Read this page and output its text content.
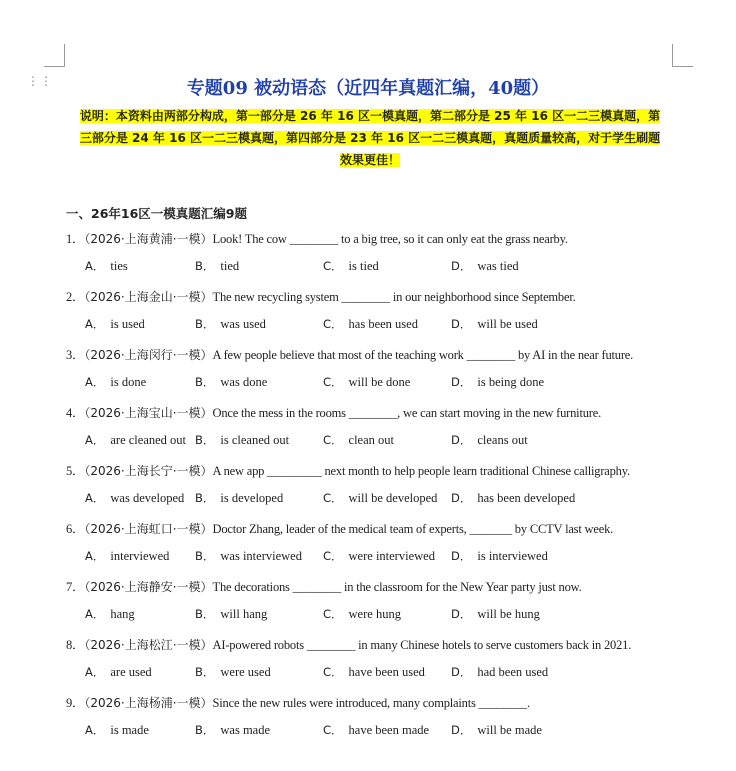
⋮⋮	专题09 被动语态（近四年真题汇编，40题）
说明：本资料由两部分构成，第一部分是 26 年 16 区一模真题，第二部分是 25 年 16 区一二三模真题，第
三部分是 24 年 16 区一二三模真题，第四部分是 23 年 16 区一二三模真题，真题质量较高，对于学生刷题
效果更佳！
一、26年16区一模真题汇编9题
1．（2026·上海黄浦·一模）Look! The cow ________ to a big tree, so it can only eat the grass nearby.
A． ties	B． tied	C． is tied	D． was tied
2．（2026·上海金山·一模）The new recycling system ________ in our neighborhood since September.
A． is used	B． was used	C． has been used	D． will be used
3．（2026·上海闵行·一模）A few people believe that most of the teaching work ________ by AI in the near future.
A． is done	B． was done	C． will be done	D． is being done
4．（2026·上海宝山·一模）Once the mess in the rooms ________, we can start moving in the new furniture.
A． are cleaned out B． is cleaned out	C． clean out	D． cleans out
5．（2026·上海长宁·一模）A new app _________ next month to help people learn traditional Chinese calligraphy.
A． was developed B． is developed	C． will be developed D． has been developed
6．（2026·上海虹口·一模）Doctor Zhang, leader of the medical team of experts, _______ by CCTV last week.
A． interviewed B． was interviewed C． were interviewed D． is interviewed
7．（2026·上海静安·一模）The decorations ________ in the classroom for the New Year party just now.
A． hang	B． will hang	C． were hung	D． will be hung
8．（2026·上海松江·一模）AI-powered robots ________ in many Chinese hotels to serve customers back in 2021.
A． are used	B． were used	C． have been used D． had been used
9．（2026·上海杨浦·一模）Since the new rules were introduced, many complaints ________.
A． is made	B． was made	C． have been made D． will be made
